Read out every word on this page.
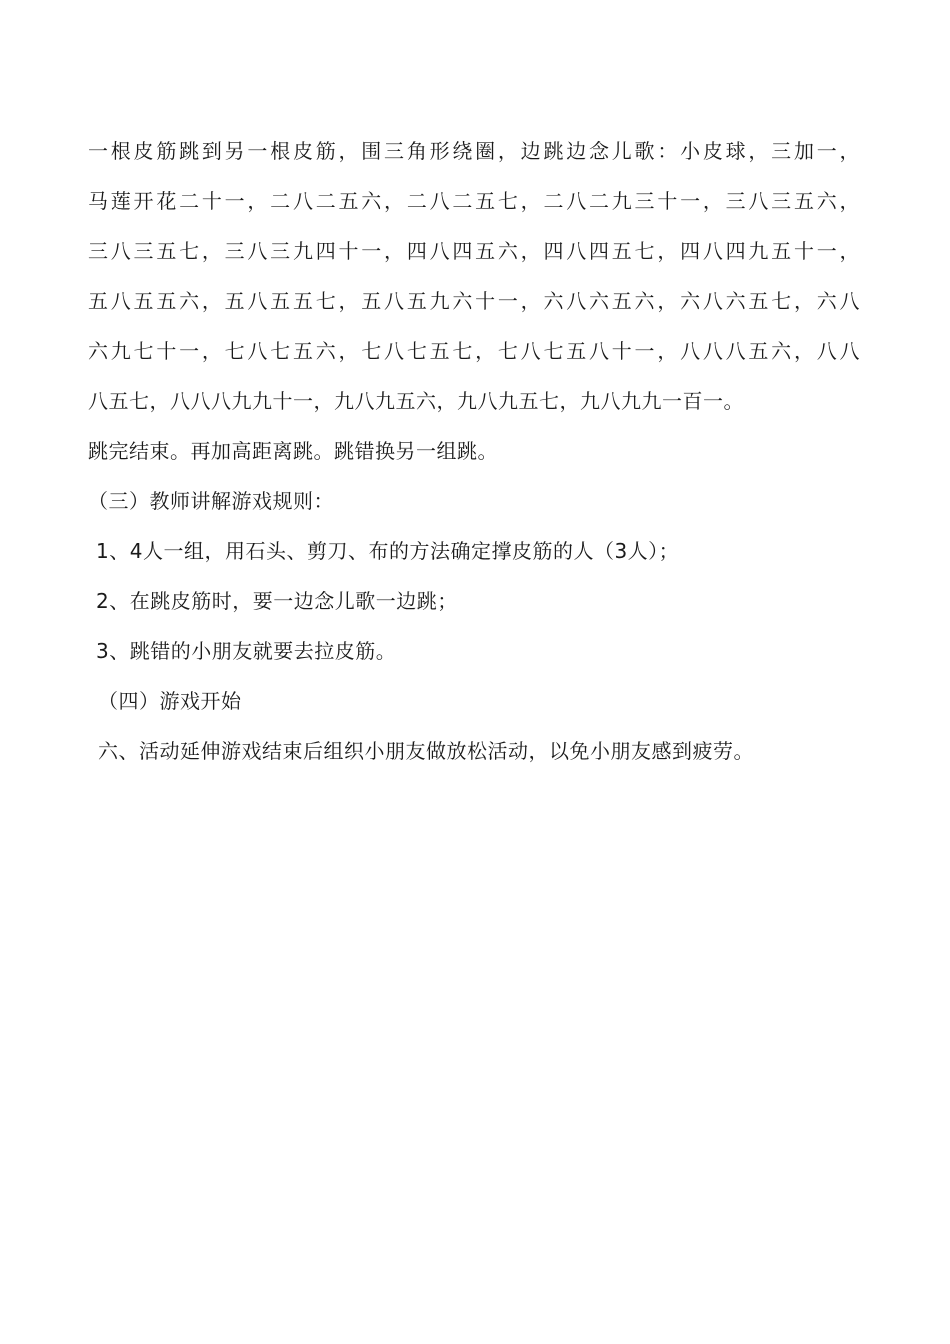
一根皮筋跳到另一根皮筋，围三角形绕圈，边跳边念儿歌：小皮球，三加一，
马莲开花二十一，二八二五六，二八二五七，二八二九三十一，三八三五六，
三八三五七，三八三九四十一，四八四五六，四八四五七，四八四九五十一，
五八五五六，五八五五七，五八五九六十一，六八六五六，六八六五七，六八
六九七十一，七八七五六，七八七五七，七八七五八十一，八八八五六，八八
八五七，八八八九九十一，九八九五六，九八九五七，九八九九一百一。
跳完结束。再加高距离跳。跳错换另一组跳。
（三）教师讲解游戏规则：
1、4人一组，用石头、剪刀、布的方法确定撑皮筋的人（3人）；
2、在跳皮筋时，要一边念儿歌一边跳；
3、跳错的小朋友就要去拉皮筋。
（四）游戏开始
六、活动延伸游戏结束后组织小朋友做放松活动，以免小朋友感到疲劳。
